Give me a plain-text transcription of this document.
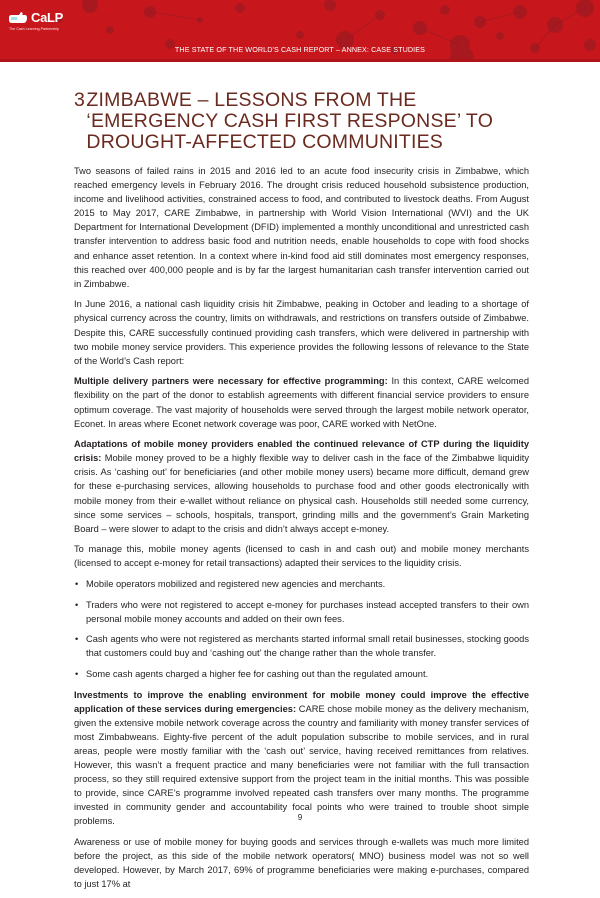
CaLP
The Cash Learning Partnership
THE STATE OF THE WORLD'S CASH REPORT – ANNEX: CASE STUDIES
3 ZIMBABWE – LESSONS FROM THE ‘EMERGENCY CASH FIRST RESPONSE’ TO DROUGHT-AFFECTED COMMUNITIES

Two seasons of failed rains in 2015 and 2016 led to an acute food insecurity crisis in Zimbabwe, which reached emergency levels in February 2016. The drought crisis reduced household subsistence production, income and livelihood activities, constrained access to food, and contributed to livestock deaths. From August 2015 to May 2017, CARE Zimbabwe, in partnership with World Vision International (WVI) and the UK Department for International Development (DFID) implemented a monthly unconditional and unrestricted cash transfer intervention to address basic food and nutrition needs, enable households to cope with food shocks and enhance asset retention. In a context where in-kind food aid still dominates most emergency responses, this reached over 400,000 people and is by far the largest humanitarian cash transfer intervention carried out in Zimbabwe.

In June 2016, a national cash liquidity crisis hit Zimbabwe, peaking in October and leading to a shortage of physical currency across the country, limits on withdrawals, and restrictions on transfers outside of Zimbabwe. Despite this, CARE successfully continued providing cash transfers, which were delivered in partnership with two mobile money service providers. This experience provides the following lessons of relevance to the State of the World’s Cash report:

Multiple delivery partners were necessary for effective programming: In this context, CARE welcomed flexibility on the part of the donor to establish agreements with different financial service providers to ensure optimum coverage. The vast majority of households were served through the largest mobile network operator, Econet. In areas where Econet network coverage was poor, CARE worked with NetOne.

Adaptations of mobile money providers enabled the continued relevance of CTP during the liquidity crisis: Mobile money proved to be a highly flexible way to deliver cash in the face of the Zimbabwe liquidity crisis. As ‘cashing out’ for beneficiaries (and other mobile money users) became more difficult, demand grew for these e-purchasing services, allowing households to purchase food and other goods electronically with mobile money from their e-wallet without reliance on physical cash. Households still needed some currency, since some services – schools, hospitals, transport, grinding mills and the government’s Grain Marketing Board – were slower to adapt to the crisis and didn’t always accept e-money.

To manage this, mobile money agents (licensed to cash in and cash out) and mobile money merchants (licensed to accept e-money for retail transactions) adapted their services to the liquidity crisis.

• Mobile operators mobilized and registered new agencies and merchants.
• Traders who were not registered to accept e-money for purchases instead accepted transfers to their own personal mobile money accounts and added on their own fees.
• Cash agents who were not registered as merchants started informal small retail businesses, stocking goods that customers could buy and ‘cashing out’ the change rather than the whole transfer.
• Some cash agents charged a higher fee for cashing out than the regulated amount.

Investments to improve the enabling environment for mobile money could improve the effective application of these services during emergencies: CARE chose mobile money as the delivery mechanism, given the extensive mobile network coverage across the country and familiarity with money transfer services of most Zimbabweans. Eighty-five percent of the adult population subscribe to mobile services, and in rural areas, people were mostly familiar with the ‘cash out’ service, having received remittances from relatives. However, this wasn’t a frequent practice and many beneficiaries were not familiar with the full transaction process, so they still required extensive support from the project team in the initial months. This was possible to provide, since CARE’s programme involved repeated cash transfers over many months. The programme invested in community gender and accountability focal points who were trained to trouble shoot simple problems.

Awareness or use of mobile money for buying goods and services through e-wallets was much more limited before the project, as this side of the mobile network operators( MNO) business model was not so well developed. However, by March 2017, 69% of programme beneficiaries were making e-purchases, compared to just 17% at

9
